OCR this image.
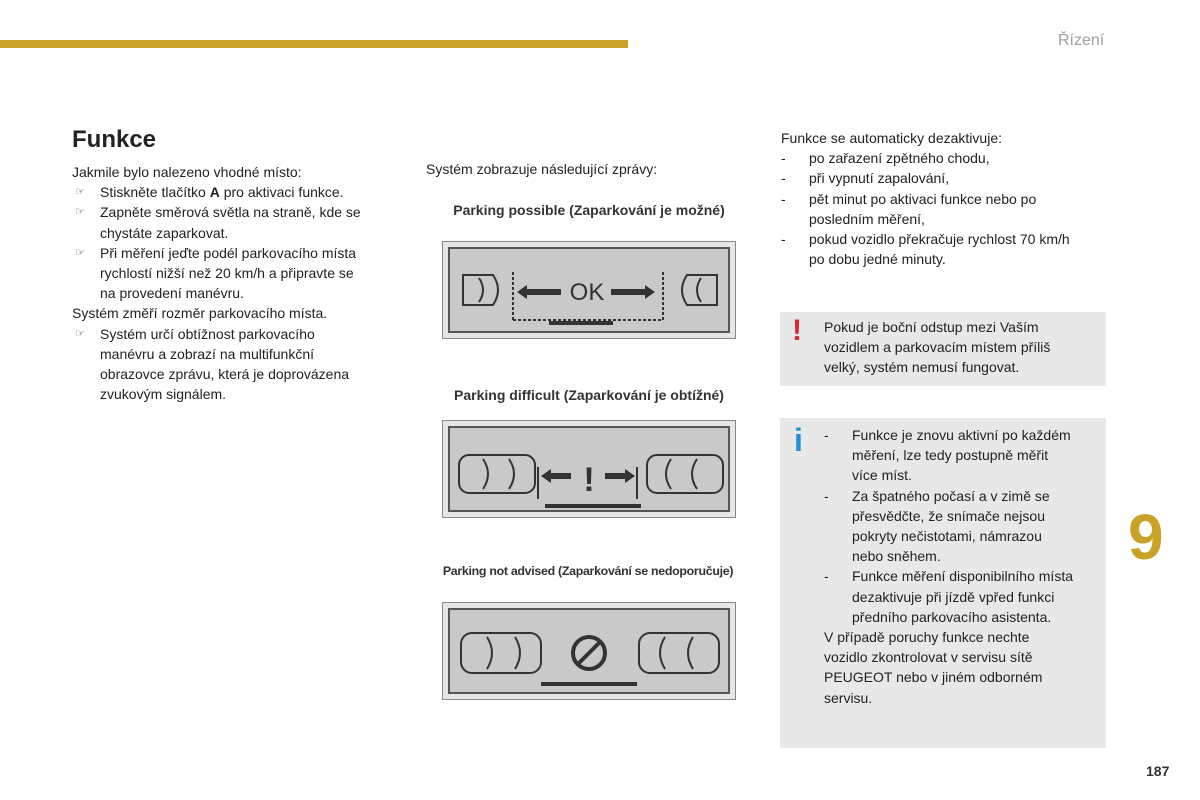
Řízení
9
187
Funkce

Jakmile bylo nalezeno vhodné místo:

☞ Stiskněte tlačítko A pro aktivaci funkce.
☞ Zapněte směrová světla na straně, kde se
chystáte zaparkovat.
☞ Při měření jeďte podél parkovacího místa
rychlostí nižší než 20 km/h a připravte se
na provedení manévru.

Systém změří rozměr parkovacího místa.

☞ Systém určí obtížnost parkovacího
manévru a zobrazí na multifunkční
obrazovce zprávu, která je doprovázena
zvukovým signálem.
Systém zobrazuje následující zprávy:
Parking possible (Zaparkování je možné)
OK
Parking difficult (Zaparkování je obtížné)
!
Parking not advised (Zaparkování se nedoporučuje)

Funkce se automaticky dezaktivuje:

- po zařazení zpětného chodu,
- při vypnutí zapalování,
- pět minut po aktivaci funkce nebo po
posledním měření,
- pokud vozidlo překračuje rychlost 70 km/h
po dobu jedné minuty.
! Pokud je boční odstup mezi Vaším
vozidlem a parkovacím místem příliš
velký, systém nemusí fungovat.
i - Funkce je znovu aktivní po každém
měření, lze tedy postupně měřit
více míst.
- Za špatného počasí a v zimě se
přesvědčte, že snímače nejsou
pokryty nečistotami, námrazou
nebo sněhem.
- Funkce měření disponibilního místa
dezaktivuje při jízdě vpřed funkci
předního parkovacího asistenta.

V případě poruchy funkce nechte
vozidlo zkontrolovat v servisu sítě
PEUGEOT nebo v jiném odborném
servisu.
